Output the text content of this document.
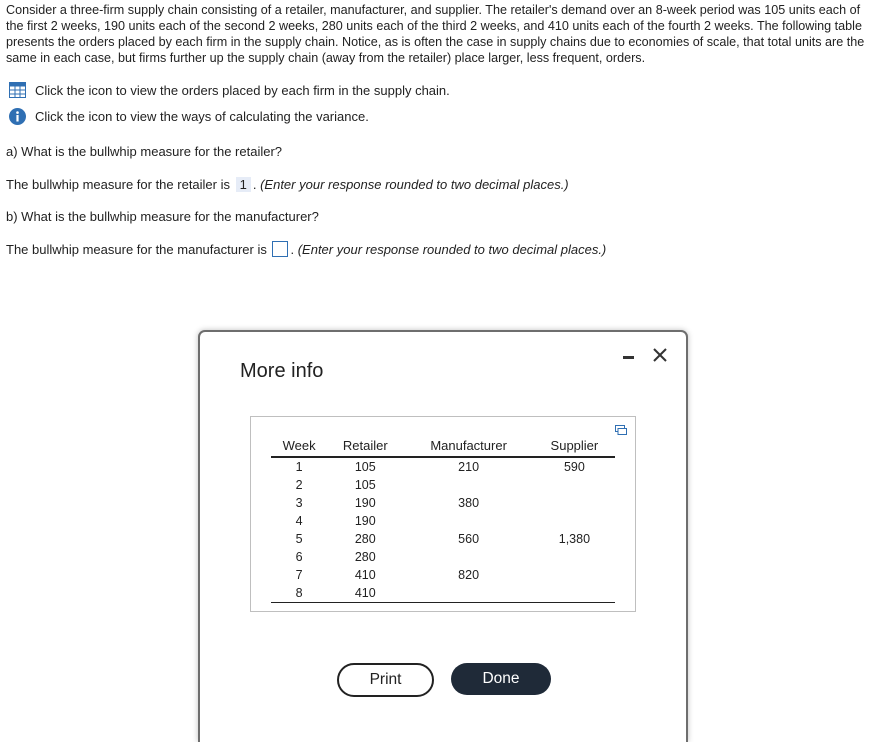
Consider a three-firm supply chain consisting of a retailer, manufacturer, and supplier. The retailer's demand over an 8-week period was 105 units each of the first 2 weeks, 190 units each of the second 2 weeks, 280 units each of the third 2 weeks, and 410 units each of the fourth 2 weeks. The following table presents the orders placed by each firm in the supply chain. Notice, as is often the case in supply chains due to economies of scale, that total units are the same in each case, but firms further up the supply chain (away from the retailer) place larger, less frequent, orders.

Click the icon to view the orders placed by each firm in the supply chain.
Click the icon to view the ways of calculating the variance.
a) What is the bullwhip measure for the retailer?
The bullwhip measure for the retailer is 1 . (Enter your response rounded to two decimal places.)
b) What is the bullwhip measure for the manufacturer?
The bullwhip measure for the manufacturer is . (Enter your response rounded to two decimal places.)
More info
Week	Retailer	Manufacturer	Supplier
1	105	210	590
2	105		
3	190	380	
4	190		
5	280	560	1,380
6	280		
7	410	820	
8	410		
Print	Done
